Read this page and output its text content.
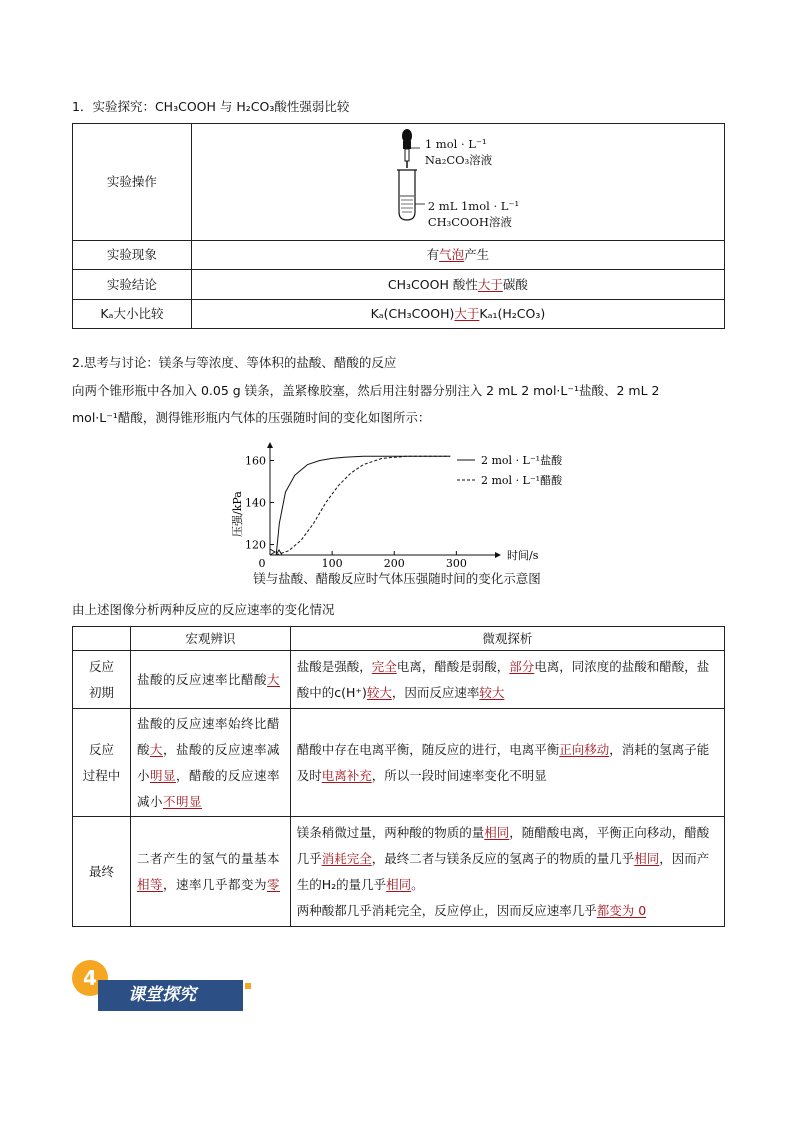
1．实验探究：CH₃COOH 与 H₂CO₃酸性强弱比较
实验操作	1 mol · L⁻¹
Na₂CO₃溶液
2 mL 1mol · L⁻¹
CH₃COOH溶液

实验现象	有气泡产生
实验结论	CH₃COOH 酸性大于碳酸
Kₐ大小比较	Kₐ(CH₃COOH)大于Kₐ₁(H₂CO₃)
2.思考与讨论：镁条与等浓度、等体积的盐酸、醋酸的反应
向两个锥形瓶中各加入 0.05 g 镁条，盖紧橡胶塞，然后用注射器分别注入 2 mL 2 mol·L⁻¹盐酸、2 mL 2
mol·L⁻¹醋酸，测得锥形瓶内气体的压强随时间的变化如图所示：
0	100	200	300
120
140
160
时间/s
压强/kPa
2 mol · L⁻¹盐酸
2 mol · L⁻¹醋酸
镁与盐酸、醋酸反应时气体压强随时间的变化示意图
由上述图像分析两种反应的反应速率的变化情况
	宏观辨识	微观探析

反应
初期	盐酸的反应速率比醋酸大	盐酸是强酸，完全电离，醋酸是弱酸，部分电离，同浓度的盐酸和醋酸，盐酸中的c(H⁺)较大，因而反应速率较大

反应
过程中	盐酸的反应速率始终比醋酸大，盐酸的反应速率减小明显，醋酸的反应速率减小不明显	醋酸中存在电离平衡，随反应的进行，电离平衡正向移动，消耗的氢离子能及时电离补充，所以一段时间速率变化不明显

最终	二者产生的氢气的量基本相等，速率几乎都变为零	镁条稍微过量，两种酸的物质的量相同，随醋酸电离，平衡正向移动，醋酸几乎消耗完全，最终二者与镁条反应的氢离子的物质的量几乎相同，因而产生的H₂的量几乎相同。
两种酸都几乎消耗完全，反应停止，因而反应速率几乎都变为 0
4
课堂探究
